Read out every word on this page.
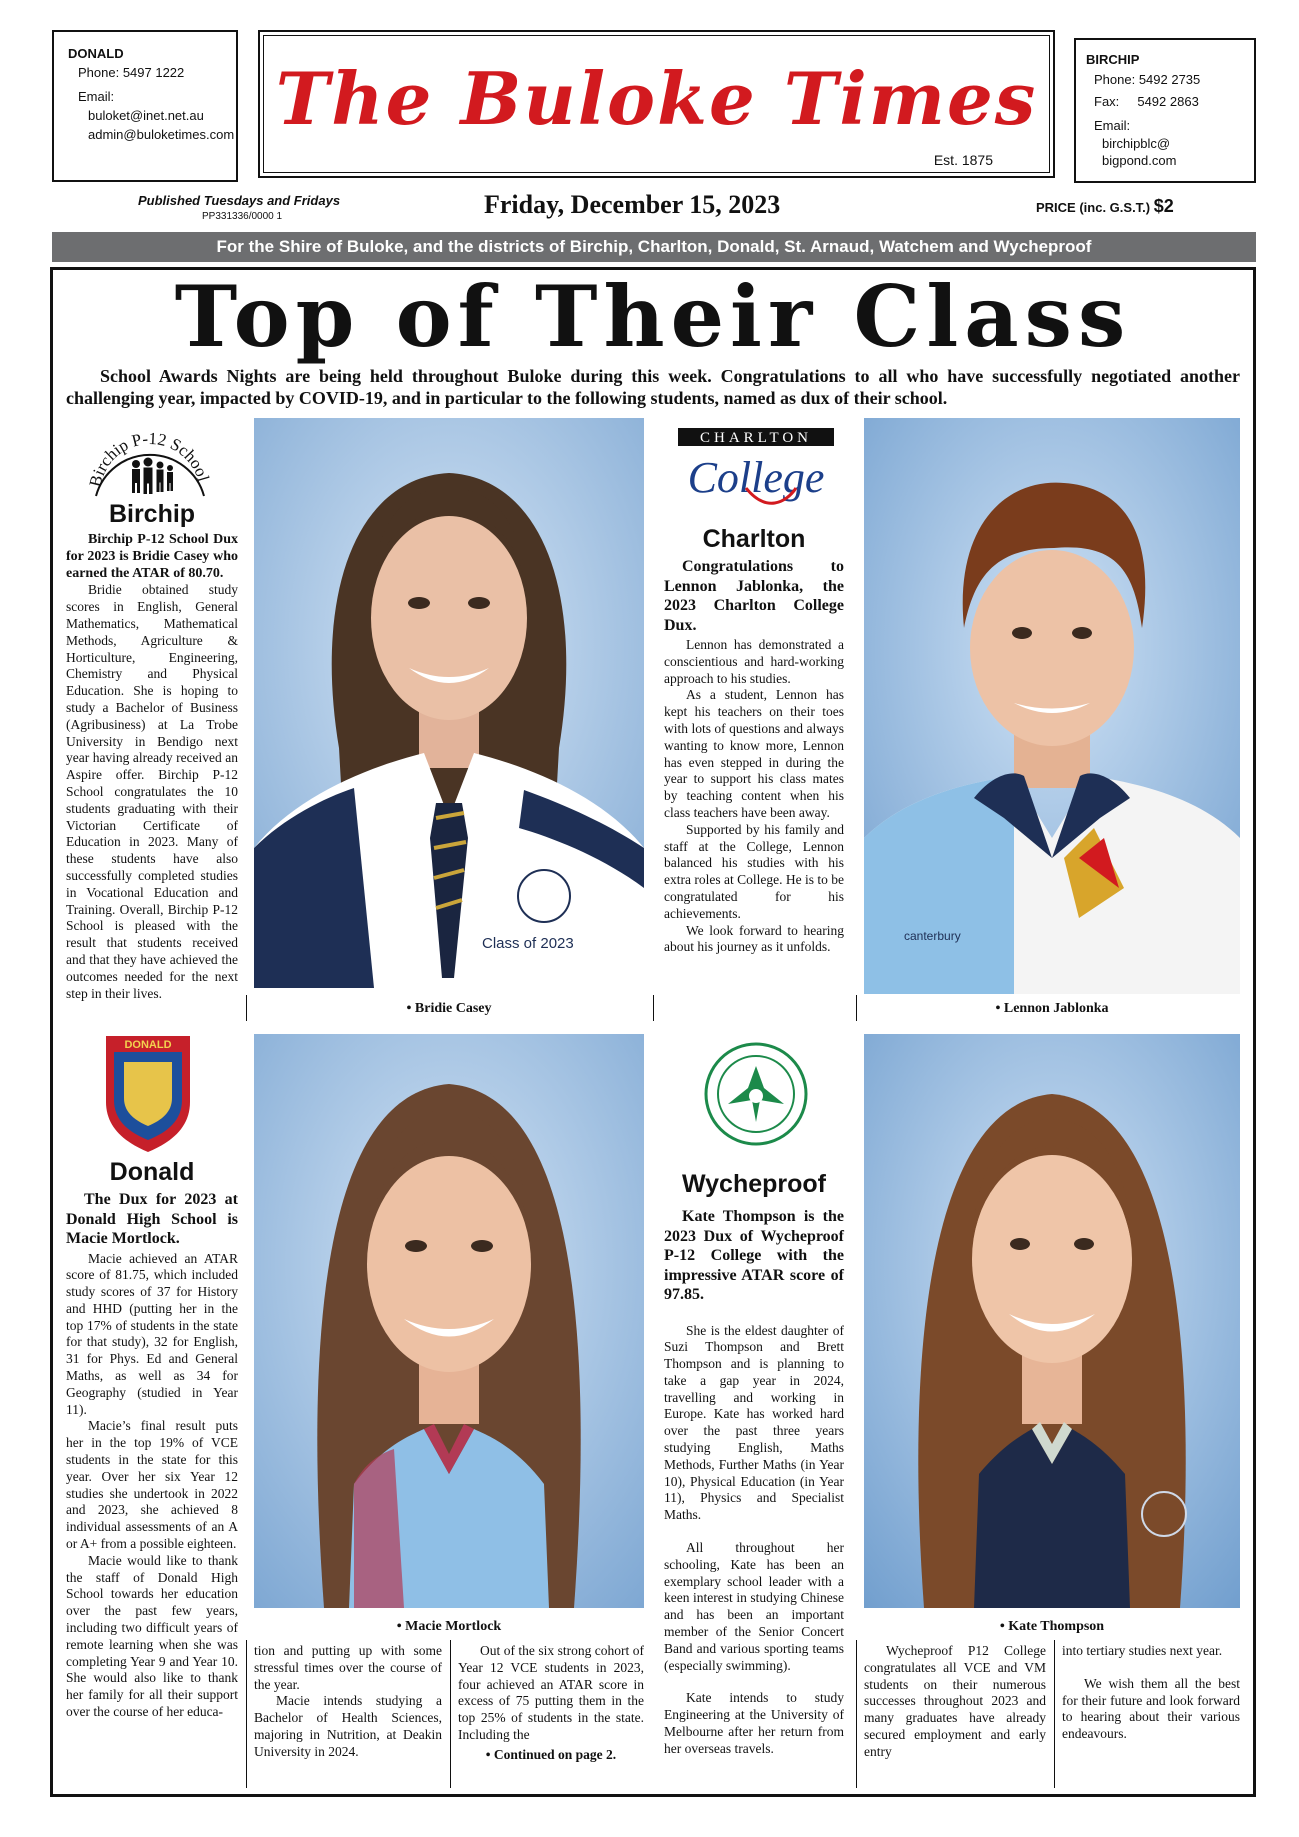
DONALD
Phone: 5497 1222
Email:
buloket@inet.net.au
admin@buloketimes.com The Buloke Times
Est. 1875
BIRCHIP
Phone: 5492 2735
Fax:     5492 2863
Email:
birchipblc@
bigpond.com
Published Tuesdays and Fridays
PP331336/0000 1	Friday, December 15, 2023	PRICE (inc. G.S.T.) $2
For the Shire of Buloke, and the districts of Birchip, Charlton, Donald, St. Arnaud, Watchem and Wycheproof
Top of Their Class
School Awards Nights are being held throughout Buloke during this week. Congratulations to all who have successfully negotiated another challenging year, impacted by COVID-19, and in particular to the following students, named as dux of their school.
Birchip P-12 School
Birchip

Birchip P-12 School Dux for 2023 is Bridie Casey who earned the ATAR of 80.70.

Bridie obtained study scores in English, General Mathematics, Mathematical Methods, Agriculture & Horticulture, Engineering, Chemistry and Physical Education. She is hoping to study a Bachelor of Business (Agribusiness) at La Trobe University in Bendigo next year having already received an Aspire offer. Birchip P-12 School congratulates the 10 students graduating with their Victorian Certificate of Education in 2023. Many of these students have also successfully completed studies in Vocational Education and Training. Overall, Birchip P-12 School is pleased with the result that students received and that they have achieved the outcomes needed for the next step in their lives.

Class of 2023
• Bridie Casey
CHARLTON
College
Charlton

Congratulations to Lennon Jablonka, the 2023 Charlton College Dux.

Lennon has demonstrated a conscientious and hard-working approach to his studies.

As a student, Lennon has kept his teachers on their toes with lots of questions and always wanting to know more, Lennon has even stepped in during the year to support his class mates by teaching content when his class teachers have been away.

Supported by his family and staff at the College, Lennon balanced his studies with his extra roles at College. He is to be congratulated for his achievements.

We look forward to hearing about his journey as it unfolds.

canterbury
• Lennon Jablonka
DONALD
Donald

The Dux for 2023 at Donald High School is Macie Mortlock.

Macie achieved an ATAR score of 81.75, which included study scores of 37 for History and HHD (putting her in the top 17% of students in the state for that study), 32 for English, 31 for Phys. Ed and General Maths, as well as 34 for Geography (studied in Year 11).

Macie’s final result puts her in the top 19% of VCE students in the state for this year. Over her six Year 12 studies she undertook in 2022 and 2023, she achieved 8 individual assessments of an A or A+ from a possible eighteen.

Macie would like to thank the staff of Donald High School towards her education over the past few years, including two difficult years of remote learning when she was completing Year 9 and Year 10. She would also like to thank her family for all their support over the course of her educa-

• Macie Mortlock

tion and putting up with some stressful times over the course of the year.

Macie intends studying a Bachelor of Health Sciences, majoring in Nutrition, at Deakin University in 2024.

Out of the six strong cohort of Year 12 VCE students in 2023, four achieved an ATAR score in excess of 75 putting them in the top 25% of students in the state. Including the

• Continued on page 2.
Wycheproof

Kate Thompson is the 2023 Dux of Wycheproof P-12 College with the impressive ATAR score of 97.85.

She is the eldest daughter of Suzi Thompson and Brett Thompson and is planning to take a gap year in 2024, travelling and working in Europe. Kate has worked hard over the past three years studying English, Maths Methods, Further Maths (in Year 10), Physical Education (in Year 11), Physics and Specialist Maths.

All throughout her schooling, Kate has been an exemplary school leader with a keen interest in studying Chinese and has been an important member of the Senior Concert Band and various sporting teams (especially swimming).

Kate intends to study Engineering at the University of Melbourne after her return from her overseas travels.

• Kate Thompson

Wycheproof P12 College congratulates all VCE and VM students on their numerous successes throughout 2023 and many graduates have already secured employment and early entry

into tertiary studies next year.

We wish them all the best for their future and look forward to hearing about their various endeavours.
